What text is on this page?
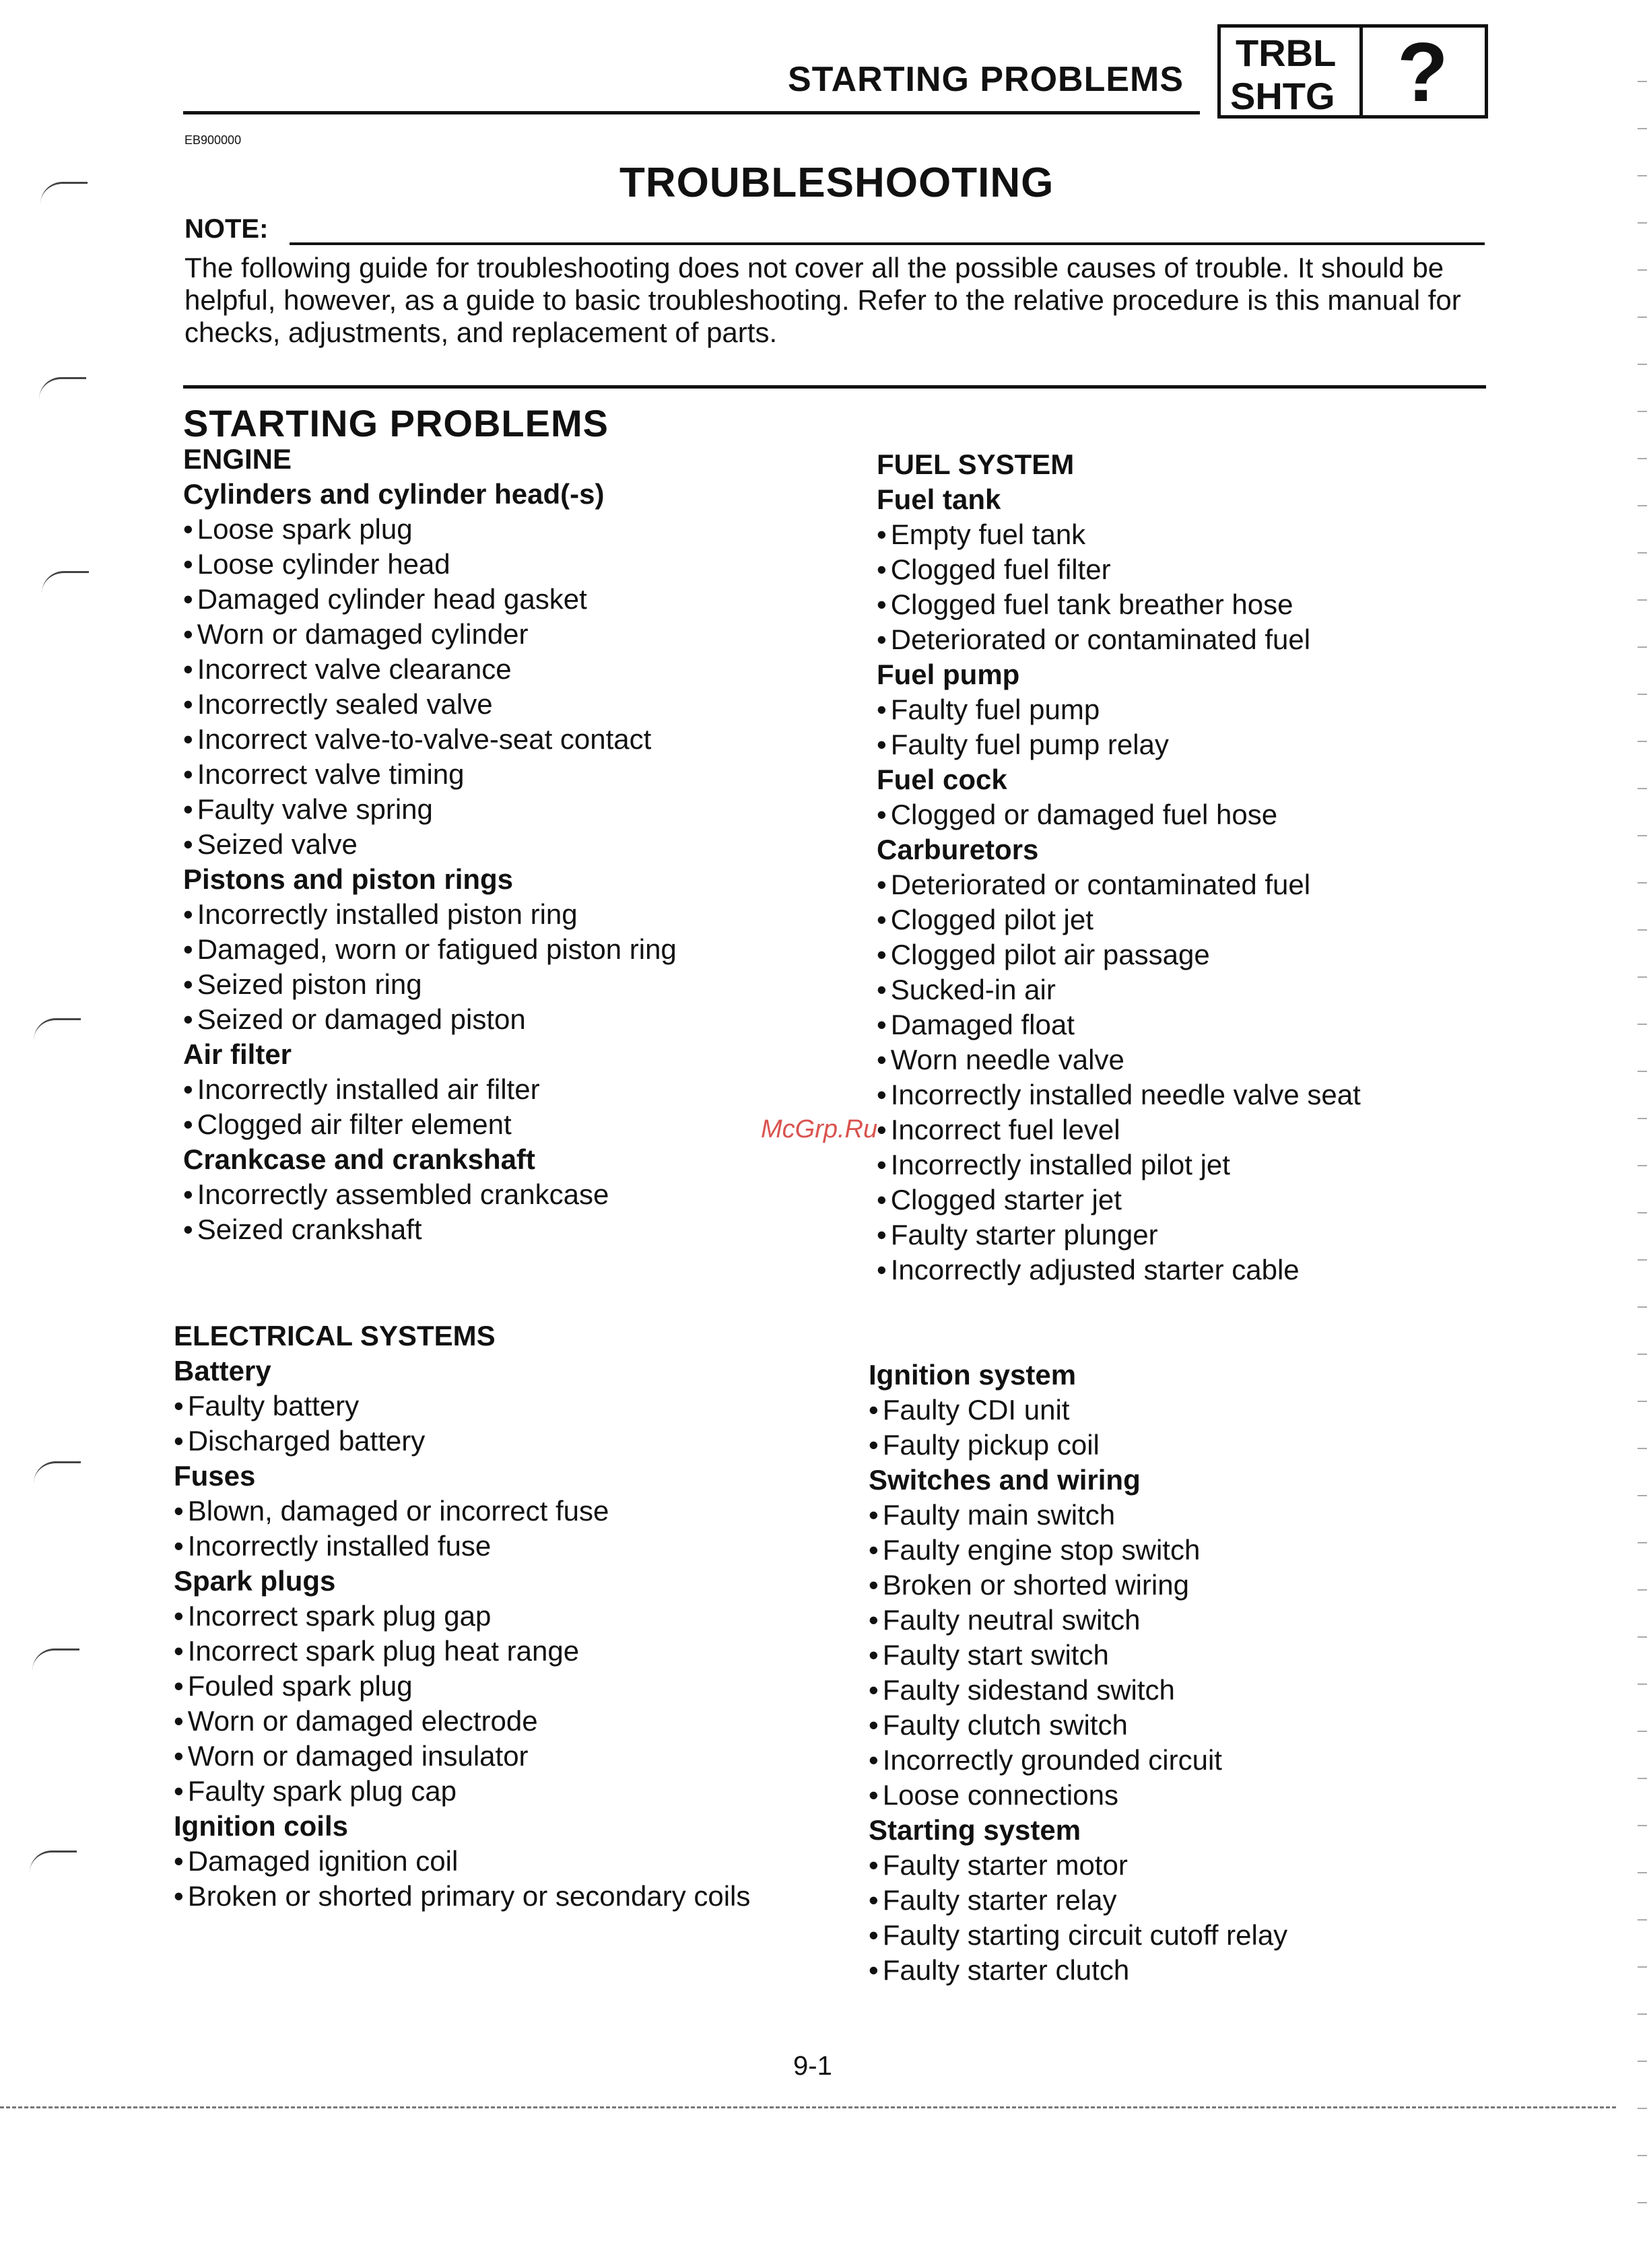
STARTING PROBLEMS
TRBL
SHTG ?
EB900000
TROUBLESHOOTING
NOTE:
The following guide for troubleshooting does not cover all the possible causes of trouble. It should be helpful, however, as a guide to basic troubleshooting. Refer to the relative procedure is this manual for checks, adjustments, and replacement of parts.
STARTING PROBLEMS
ENGINE
Cylinders and cylinder head(-s)
• Loose spark plug
• Loose cylinder head
• Damaged cylinder head gasket
• Worn or damaged cylinder
• Incorrect valve clearance
• Incorrectly sealed valve
• Incorrect valve-to-valve-seat contact
• Incorrect valve timing
• Faulty valve spring
• Seized valve
Pistons and piston rings
• Incorrectly installed piston ring
• Damaged, worn or fatigued piston ring
• Seized piston ring
• Seized or damaged piston
Air filter
• Incorrectly installed air filter
• Clogged air filter element
Crankcase and crankshaft
• Incorrectly assembled crankcase
• Seized crankshaft
FUEL SYSTEM
Fuel tank
• Empty fuel tank
• Clogged fuel filter
• Clogged fuel tank breather hose
• Deteriorated or contaminated fuel
Fuel pump
• Faulty fuel pump
• Faulty fuel pump relay
Fuel cock
• Clogged or damaged fuel hose
Carburetors
• Deteriorated or contaminated fuel
• Clogged pilot jet
• Clogged pilot air passage
• Sucked-in air
• Damaged float
• Worn needle valve
• Incorrectly installed needle valve seat
• Incorrect fuel level
• Incorrectly installed pilot jet
• Clogged starter jet
• Faulty starter plunger
• Incorrectly adjusted starter cable
ELECTRICAL SYSTEMS
Battery
• Faulty battery
• Discharged battery
Fuses
• Blown, damaged or incorrect fuse
• Incorrectly installed fuse
Spark plugs
• Incorrect spark plug gap
• Incorrect spark plug heat range
• Fouled spark plug
• Worn or damaged electrode
• Worn or damaged insulator
• Faulty spark plug cap
Ignition coils
• Damaged ignition coil
• Broken or shorted primary or secondary coils
Ignition system
• Faulty CDI unit
• Faulty pickup coil
Switches and wiring
• Faulty main switch
• Faulty engine stop switch
• Broken or shorted wiring
• Faulty neutral switch
• Faulty start switch
• Faulty sidestand switch
• Faulty clutch switch
• Incorrectly grounded circuit
• Loose connections
Starting system
• Faulty starter motor
• Faulty starter relay
• Faulty starting circuit cutoff relay
• Faulty starter clutch
McGrp.Ru
9-1
